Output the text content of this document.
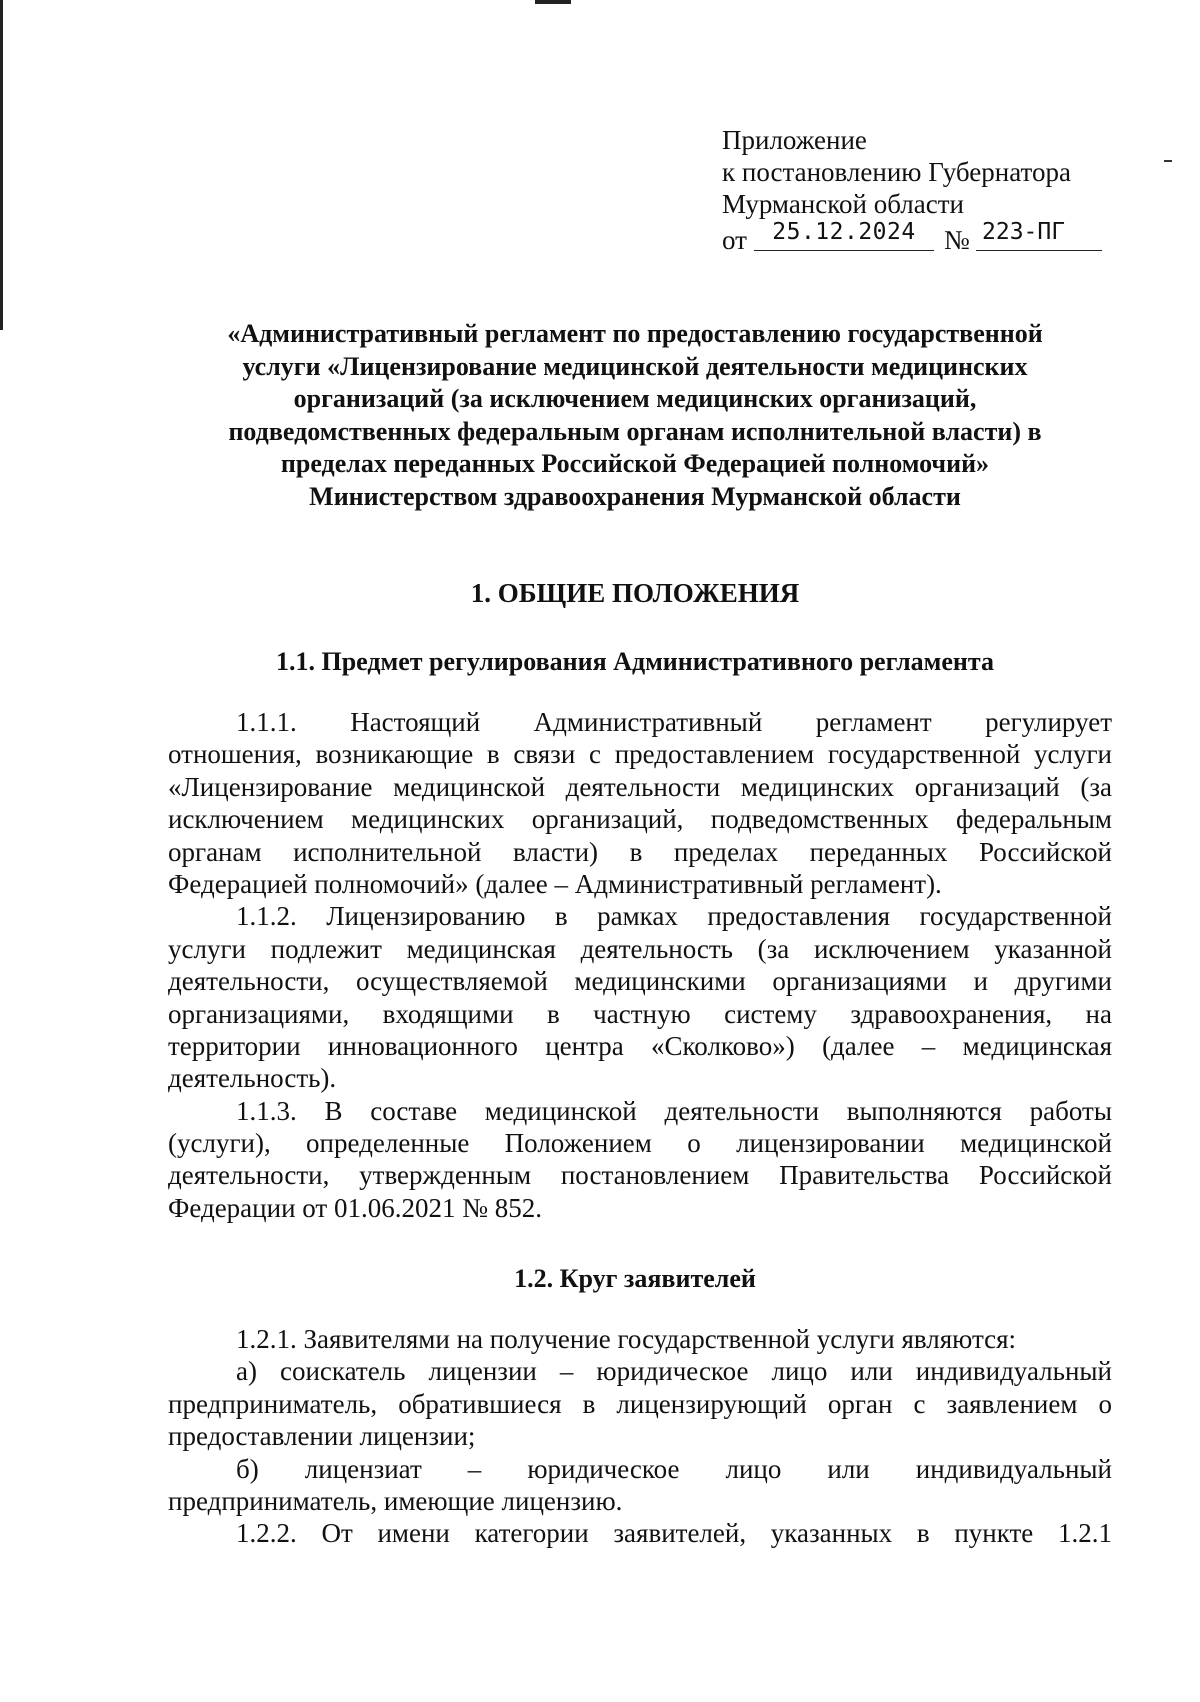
Приложение
к постановлению Губернатора
Мурманской области
от	25.12.2024	№ 223-ПГ
«Административный регламент по предоставлению государственной
услуги «Лицензирование медицинской деятельности медицинских
организаций (за исключением медицинских организаций,
подведомственных федеральным органам исполнительной власти) в
пределах переданных Российской Федерацией полномочий»
Министерством здравоохранения Мурманской области
1. ОБЩИЕ ПОЛОЖЕНИЯ
1.1. Предмет регулирования Административного регламента
1.1.1. Настоящий Административный регламент регулирует
отношения, возникающие в связи с предоставлением государственной услуги
«Лицензирование медицинской деятельности медицинских организаций (за
исключением медицинских организаций, подведомственных федеральным
органам исполнительной власти) в пределах переданных Российской
Федерацией полномочий» (далее – Административный регламент).
1.1.2. Лицензированию в рамках предоставления государственной
услуги подлежит медицинская деятельность (за исключением указанной
деятельности, осуществляемой медицинскими организациями и другими
организациями, входящими в частную систему здравоохранения, на
территории инновационного центра «Сколково») (далее – медицинская
деятельность).
1.1.3. В составе медицинской деятельности выполняются работы
(услуги), определенные Положением о лицензировании медицинской
деятельности, утвержденным постановлением Правительства Российской
Федерации от 01.06.2021 № 852.
1.2. Круг заявителей
1.2.1. Заявителями на получение государственной услуги являются:
а) соискатель лицензии – юридическое лицо или индивидуальный
предприниматель, обратившиеся в лицензирующий орган с заявлением о
предоставлении лицензии;
б) лицензиат – юридическое лицо или индивидуальный
предприниматель, имеющие лицензию.
1.2.2. От имени категории заявителей, указанных в пункте 1.2.1
